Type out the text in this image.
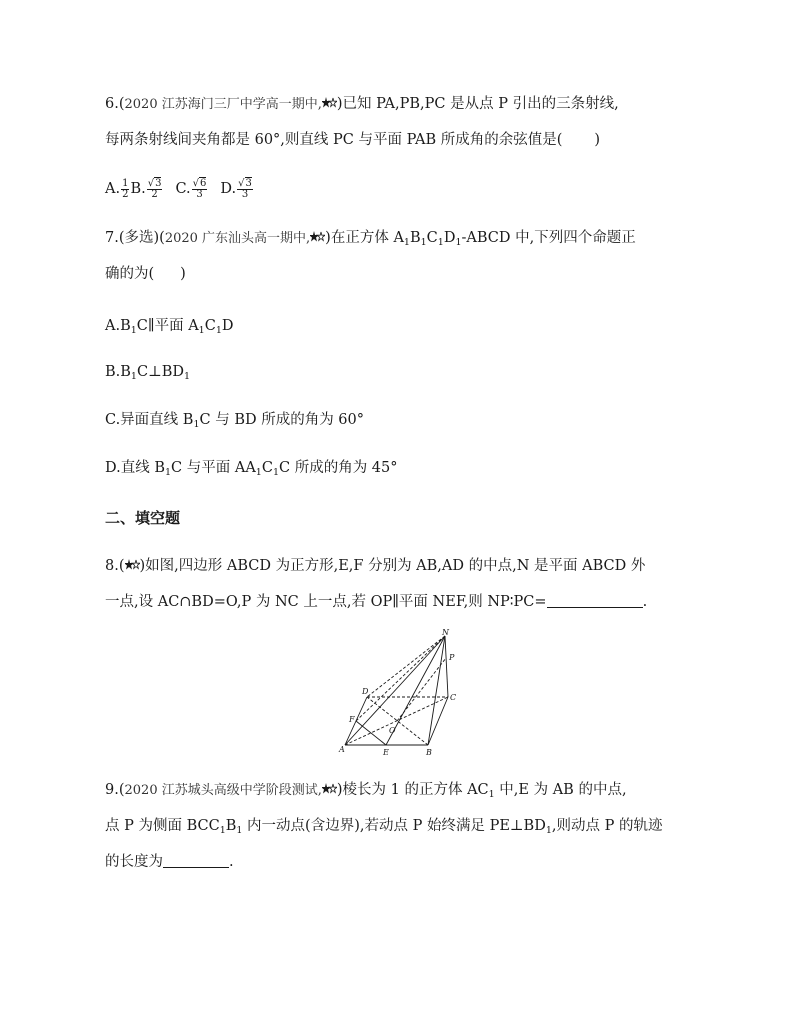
6.(2020 江苏海门三厂中学高一期中, )已知 PA,PB,PC 是从点 P 引出的三条射线,
每两条射线间夹角都是 60°,则直线 PC 与平面 PAB 所成角的余弦值是( )
A. $\frac{1}{2} B$. $\frac{√3}{2} C$. $\frac{√6}{3} D$. $\frac{√3}{3}$
7.(多选)(2020 广东汕头高一期中, )在正方体 $A_1B_1C_1D_1$-ABCD 中,下列四个命题正
确的为( )
$A.B_1C\parallel$平面 $A_1C_1D$
$B.B_1C\perp BD_1$
C.异面直线 $B_1C$ 与 BD 所成的角为 60°
D.直线 $B_1C$ 与平面 $AA_1C_1C$ 所成的角为 45°
二、填空题
8.( )如图,四边形 ABCD 为正方形,E,F 分别为 AB,AD 的中点,N 是平面 ABCD 外
一点,设 AC∩BD=O,P 为 NC 上一点,若 OP∥平面 NEF,则 NP∶PC=	.
N
P
D
C
F
O
A	E	B
9.(2020 江苏城头高级中学阶段测试, )棱长为 1 的正方体 $AC_1$ 中,E 为 AB 的中点,
点 P 为侧面 $BCC_1B_1$ 内一动点(含边界),若动点 P 始终满足 $PE\perp BD_1$,则动点 P 的轨迹
的长度为	.
